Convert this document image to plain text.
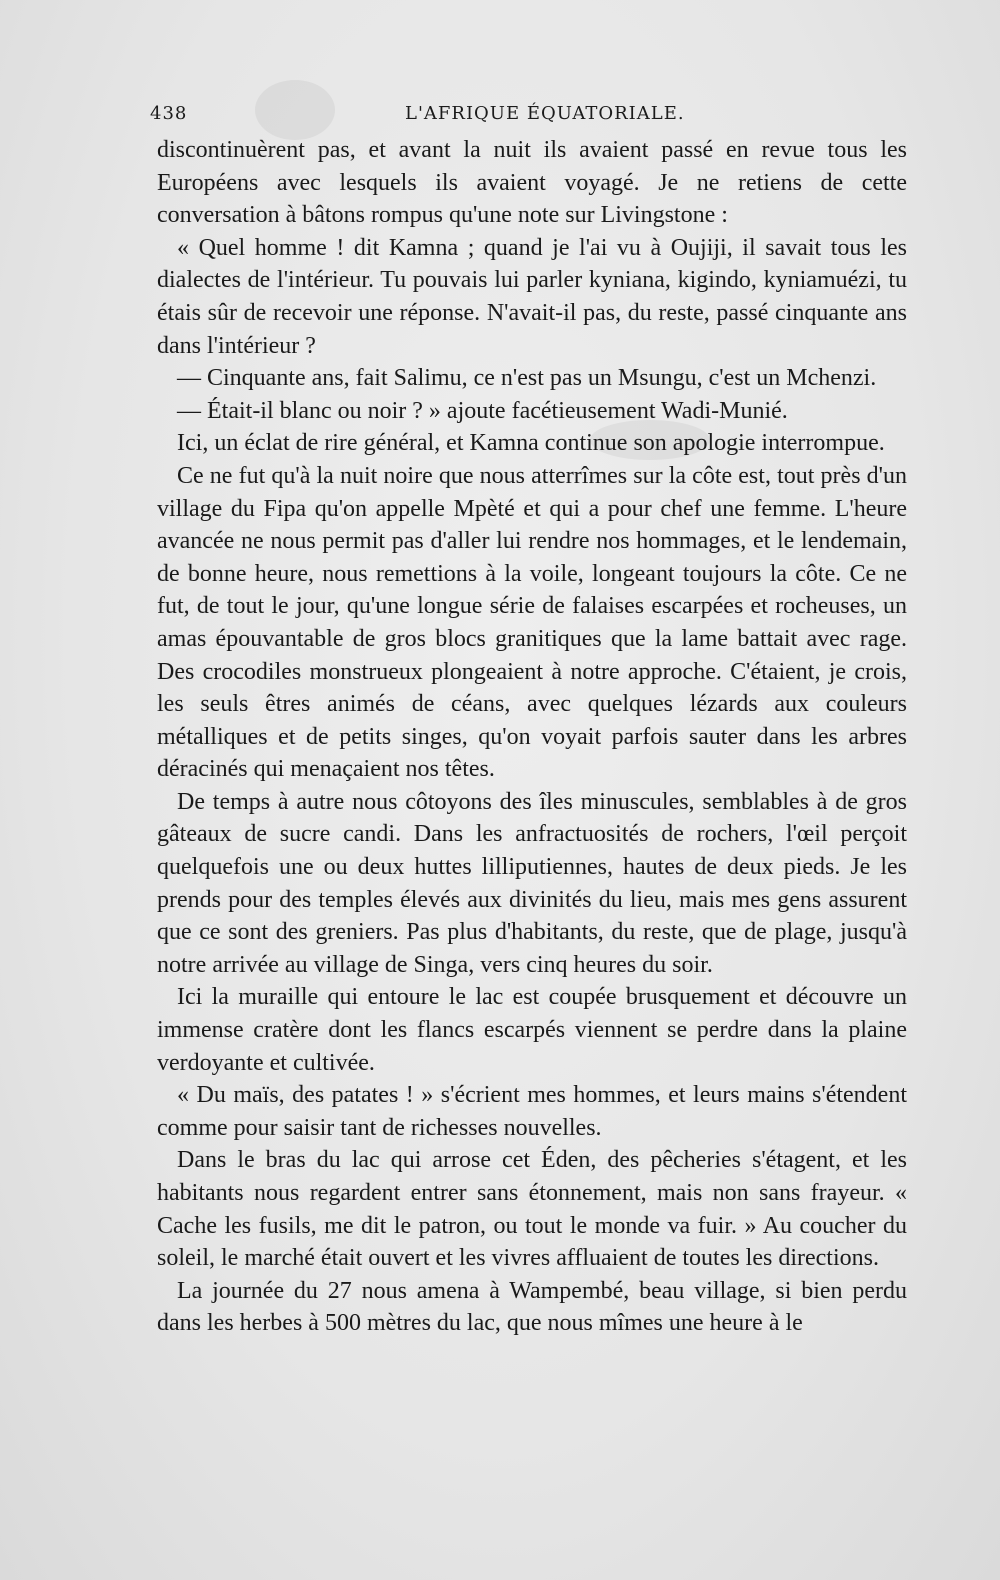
438	L'AFRIQUE ÉQUATORIALE.

discontinuèrent pas, et avant la nuit ils avaient passé en revue tous les Européens avec lesquels ils avaient voyagé. Je ne retiens de cette conversation à bâtons rompus qu'une note sur Livingstone :

« Quel homme ! dit Kamna ; quand je l'ai vu à Oujiji, il savait tous les dialectes de l'intérieur. Tu pouvais lui parler kyniana, kigindo, kyniamuézi, tu étais sûr de recevoir une réponse. N'avait-il pas, du reste, passé cinquante ans dans l'intérieur ?

— Cinquante ans, fait Salimu, ce n'est pas un Msungu, c'est un Mchenzi.

— Était-il blanc ou noir ? » ajoute facétieusement Wadi-Munié.

Ici, un éclat de rire général, et Kamna continue son apologie interrompue.

Ce ne fut qu'à la nuit noire que nous atterrîmes sur la côte est, tout près d'un village du Fipa qu'on appelle Mpèté et qui a pour chef une femme. L'heure avancée ne nous permit pas d'aller lui rendre nos hommages, et le lendemain, de bonne heure, nous remettions à la voile, longeant toujours la côte. Ce ne fut, de tout le jour, qu'une longue série de falaises escarpées et rocheuses, un amas épouvantable de gros blocs granitiques que la lame battait avec rage. Des crocodiles monstrueux plongeaient à notre approche. C'étaient, je crois, les seuls êtres animés de céans, avec quelques lézards aux couleurs métalliques et de petits singes, qu'on voyait parfois sauter dans les arbres déracinés qui menaçaient nos têtes.

De temps à autre nous côtoyons des îles minuscules, semblables à de gros gâteaux de sucre candi. Dans les anfractuosités de rochers, l'œil perçoit quelquefois une ou deux huttes lilliputiennes, hautes de deux pieds. Je les prends pour des temples élevés aux divinités du lieu, mais mes gens assurent que ce sont des greniers. Pas plus d'habitants, du reste, que de plage, jusqu'à notre arrivée au village de Singa, vers cinq heures du soir.

Ici la muraille qui entoure le lac est coupée brusquement et découvre un immense cratère dont les flancs escarpés viennent se perdre dans la plaine verdoyante et cultivée.

« Du maïs, des patates ! » s'écrient mes hommes, et leurs mains s'étendent comme pour saisir tant de richesses nouvelles.

Dans le bras du lac qui arrose cet Éden, des pêcheries s'étagent, et les habitants nous regardent entrer sans étonnement, mais non sans frayeur. « Cache les fusils, me dit le patron, ou tout le monde va fuir. » Au coucher du soleil, le marché était ouvert et les vivres affluaient de toutes les directions.

La journée du 27 nous amena à Wampembé, beau village, si bien perdu dans les herbes à 500 mètres du lac, que nous mîmes une heure à le
